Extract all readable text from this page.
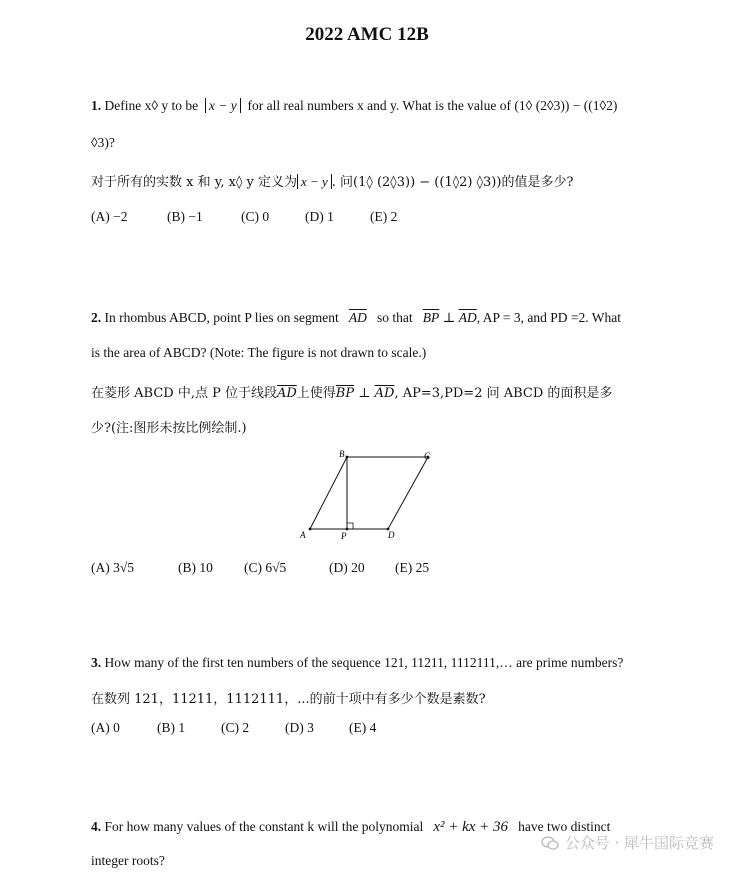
2022 AMC 12B
1. Define x◊ y to be x − y for all real numbers x and y. What is the value of (1◊ (2◊3)) − ((1◊2)
◊3)?
对于所有的实数 x 和 y, x◊ y 定义为 x − y . 问(1◊ (2◊3)) − ((1◊2) ◊3))的值是多少?
(A) −2	(B) −1	(C) 0	(D) 1	(E) 2
2. In rhombus ABCD, point P lies on segment $\overline{AD}$ so that $\overline{BP}$ ⊥ $\overline{AD}$, AP = 3, and PD =2. What
is the area of ABCD? (Note: The figure is not drawn to scale.)
在菱形 ABCD 中,点 P 位于线段$\overline{AD}$上使得$\overline{BP}$ ⊥ $\overline{AD}$, AP=3,PD=2 问 ABCD 的面积是多
少?(注:图形未按比例绘制.)
A
B	C
D
P
(A) 3√5	(B) 10 (C) 6√5	(D) 20 (E) 25
3. How many of the first ten numbers of the sequence 121, 11211, 1112111,… are prime numbers?
在数列 121，11211，1112111，...的前十项中有多少个数是素数?
(A) 0	(B) 1	(C) 2	(D) 3	(E) 4
4. For how many values of the constant k will the polynomial x² + kx + 36 have two distinct
integer roots?
公众号 · 犀牛国际竞赛
